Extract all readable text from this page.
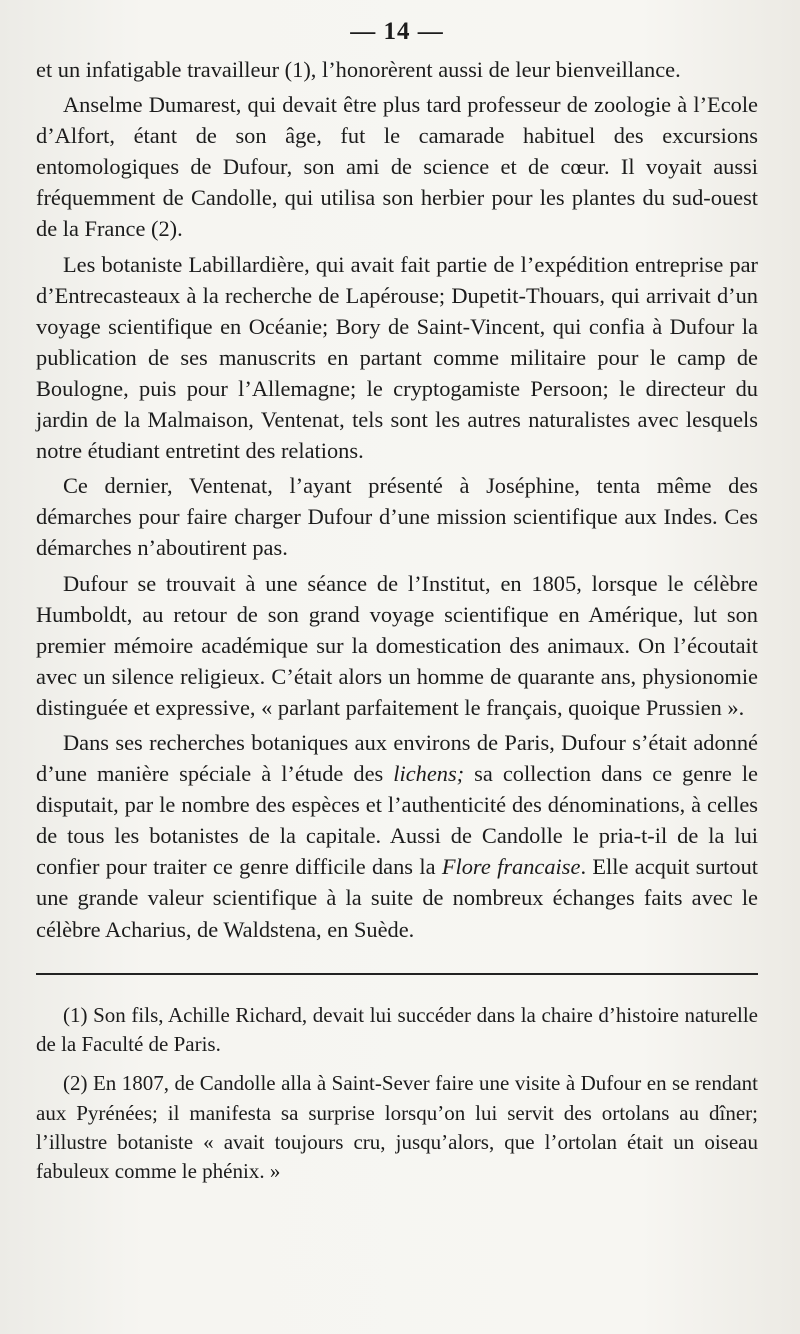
— 14 —

et un infatigable travailleur (1), l’honorèrent aussi de leur bienveillance.

Anselme Dumarest, qui devait être plus tard professeur de zoologie à l’Ecole d’Alfort, étant de son âge, fut le camarade habituel des excursions entomologiques de Dufour, son ami de science et de cœur. Il voyait aussi fréquemment de Candolle, qui utilisa son herbier pour les plantes du sud-ouest de la France (2).

Les botaniste Labillardière, qui avait fait partie de l’expédition entreprise par d’Entrecasteaux à la recherche de Lapérouse; Dupetit-Thouars, qui arrivait d’un voyage scientifique en Océanie; Bory de Saint-Vincent, qui confia à Dufour la publication de ses manuscrits en partant comme militaire pour le camp de Boulogne, puis pour l’Allemagne; le cryptogamiste Persoon; le directeur du jardin de la Malmaison, Ventenat, tels sont les autres naturalistes avec lesquels notre étudiant entretint des relations.

Ce dernier, Ventenat, l’ayant présenté à Joséphine, tenta même des démarches pour faire charger Dufour d’une mission scientifique aux Indes. Ces démarches n’aboutirent pas.

Dufour se trouvait à une séance de l’Institut, en 1805, lorsque le célèbre Humboldt, au retour de son grand voyage scientifique en Amérique, lut son premier mémoire académique sur la domestication des animaux. On l’écoutait avec un silence religieux. C’était alors un homme de quarante ans, physionomie distinguée et expressive, « parlant parfaitement le français, quoique Prussien ».

Dans ses recherches botaniques aux environs de Paris, Dufour s’était adonné d’une manière spéciale à l’étude des lichens; sa collection dans ce genre le disputait, par le nombre des espèces et l’authenticité des dénominations, à celles de tous les botanistes de la capitale. Aussi de Candolle le pria-t-il de la lui confier pour traiter ce genre difficile dans la Flore francaise. Elle acquit surtout une grande valeur scientifique à la suite de nombreux échanges faits avec le célèbre Acharius, de Waldstena, en Suède.

(1) Son fils, Achille Richard, devait lui succéder dans la chaire d’histoire naturelle de la Faculté de Paris.

(2) En 1807, de Candolle alla à Saint-Sever faire une visite à Dufour en se rendant aux Pyrénées; il manifesta sa surprise lorsqu’on lui servit des ortolans au dîner; l’illustre botaniste « avait toujours cru, jusqu’alors, que l’ortolan était un oiseau fabuleux comme le phénix. »
